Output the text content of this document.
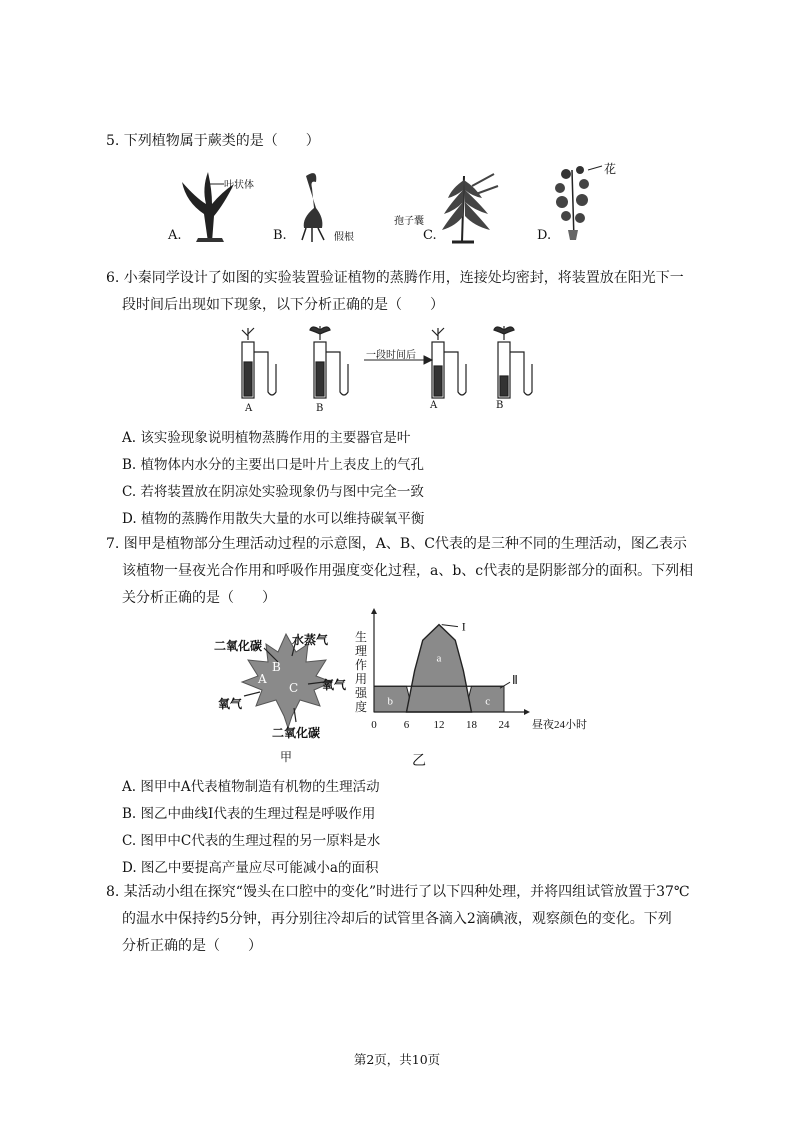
5. 下列植物属于蕨类的是（　　）
A.
叶状体
B.	假根	C.
孢子囊
D.
花
6. 小秦同学设计了如图的实验装置验证植物的蒸腾作用，连接处均密封，将装置放在阳光下一
段时间后出现如下现象，以下分析正确的是（　　）
A	B	A	B
一段时间后
A. 该实验现象说明植物蒸腾作用的主要器官是叶
B. 植物体内水分的主要出口是叶片上表皮上的气孔
C. 若将装置放在阴凉处实验现象仍与图中完全一致
D. 植物的蒸腾作用散失大量的水可以维持碳氧平衡
7. 图甲是植物部分生理活动过程的示意图，A、B、C代表的是三种不同的生理活动，图乙表示
该植物一昼夜光合作用和呼吸作用强度变化过程，a、b、c代表的是阴影部分的面积。下列相
关分析正确的是（　　）
二氧化碳 水蒸气
氧气
氧气
二氧化碳
A
B
C
甲
生
理
作
用
强
度
0 6 12 18 24 昼夜24小时
I
Ⅱ
a
b	c
乙
A. 图甲中A代表植物制造有机物的生理活动
B. 图乙中曲线Ⅰ代表的生理过程是呼吸作用
C. 图甲中C代表的生理过程的另一原料是水
D. 图乙中要提高产量应尽可能减小a的面积
8. 某活动小组在探究“馒头在口腔中的变化”时进行了以下四种处理，并将四组试管放置于37℃
的温水中保持约5分钟，再分别往冷却后的试管里各滴入2滴碘液，观察颜色的变化。下列
分析正确的是（　　）
第2页，共10页
